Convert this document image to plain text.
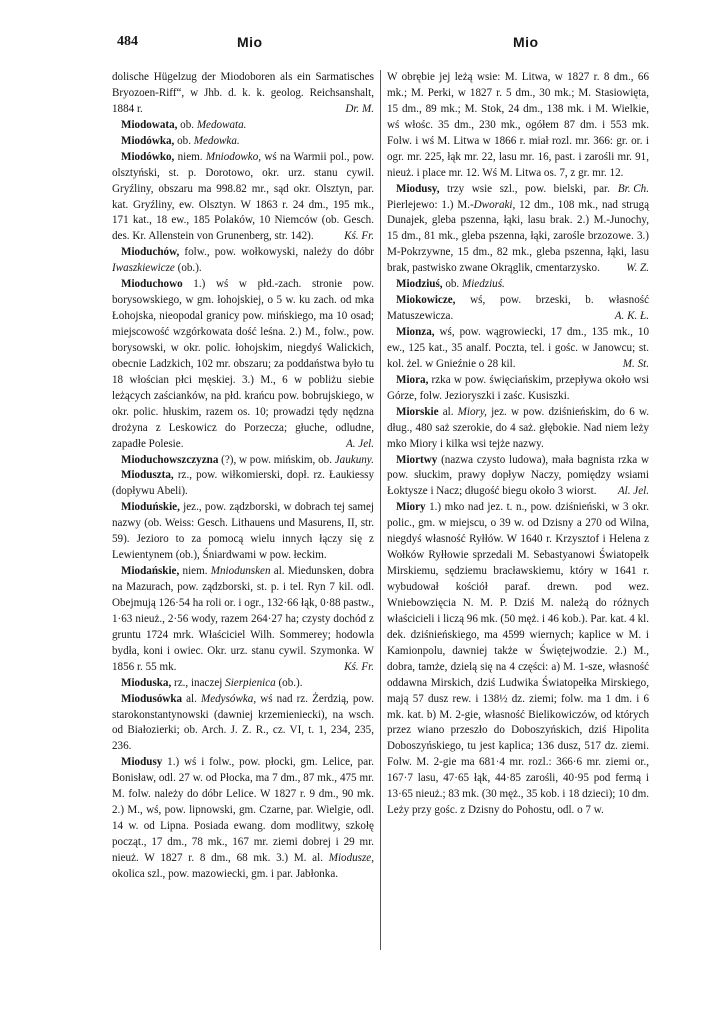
484	Mio	Mio

dolische Hügelzug der Miodoboren als ein Sarmatisches Bryozoen-Riff“, w Jhb. d. k. k. geolog. Reichsanshalt, 1884 r.	Dr. M.

Miodowata, ob. Medowata.

Miodówka, ob. Medowka.

Miodówko, niem. Mniodowko, wś na Warmii pol., pow. olsztyński, st. p. Dorotowo, okr. urz. stanu cywil. Gryźliny, obszaru ma 998.82 mr., sąd okr. Olsztyn, par. kat. Gryźliny, ew. Olsztyn. W 1863 r. 24 dm., 195 mk., 171 kat., 18 ew., 185 Polaków, 10 Niemców (ob. Gesch. des. Kr. Allenstein von Grunenberg, str. 142).	Kś. Fr.

Mioduchów, folw., pow. wołkowyski, należy do dóbr Iwaszkiewicze (ob.).

Mioduchowo 1.) wś w płd.-zach. stronie pow. borysowskiego, w gm. łohojskiej, o 5 w. ku zach. od mka Łohojska, nieopodal granicy pow. mińskiego, ma 10 osad; miejscowość wzgórkowata dość leśna. 2.) M., folw., pow. borysowski, w okr. polic. łohojskim, niegdyś Walickich, obecnie Ladzkich, 102 mr. obszaru; za poddaństwa było tu 18 włościan płci męskiej. 3.) M., 6 w pobliżu siebie leżących zaścianków, na płd. krańcu pow. bobrujskiego, w okr. polic. hłuskim, razem os. 10; prowadzi tędy nędzna drożyna z Leskowicz do Porzecza; głuche, odludne, zapadłe Polesie.	A. Jel.

Mioduchowszczyzna (?), w pow. mińskim, ob. Jaukuny.

Mioduszta, rz., pow. wiłkomierski, dopł. rz. Łaukiessy (dopływu Abeli).

Mioduńskie, jez., pow. ządzborski, w dobrach tej samej nazwy (ob. Weiss: Gesch. Lithauens und Masurens, II, str. 59). Jezioro to za pomocą wielu innych łączy się z Lewientynem (ob.), Śniardwami w pow. łeckim.

Miodańskie, niem. Mniodunsken al. Miedunsken, dobra na Mazurach, pow. ządzborski, st. p. i tel. Ryn 7 kil. odl. Obejmują 126·54 ha roli or. i ogr., 132·66 łąk, 0·88 pastw., 1·63 nieuż., 2·56 wody, razem 264·27 ha; czysty dochód z gruntu 1724 mrk. Właściciel Wilh. Sommerey; hodowla bydła, koni i owiec. Okr. urz. stanu cywil. Szymonka. W 1856 r. 55 mk.	Kś. Fr.

Mioduska, rz., inaczej Sierpienica (ob.).

Miodusówka al. Medysówka, wś nad rz. Żerdzią, pow. starokonstantynowski (dawniej krzemieniecki), na wsch. od Białozierki; ob. Arch. J. Z. R., cz. VI, t. 1, 234, 235, 236.

Miodusy 1.) wś i folw., pow. płocki, gm. Lelice, par. Bonisław, odl. 27 w. od Płocka, ma 7 dm., 87 mk., 475 mr. M. folw. należy do dóbr Lelice. W 1827 r. 9 dm., 90 mk. 2.) M., wś, pow. lipnowski, gm. Czarne, par. Wielgie, odl. 14 w. od Lipna. Posiada ewang. dom modlitwy, szkołę począt., 17 dm., 78 mk., 167 mr. ziemi dobrej i 29 mr. nieuż. W 1827 r. 8 dm., 68 mk. 3.) M. al. Miodusze, okolica szl., pow. mazowiecki, gm. i par. Jabłonka.

W obrębie jej leżą wsie: M. Litwa, w 1827 r. 8 dm., 66 mk.; M. Perki, w 1827 r. 5 dm., 30 mk.; M. Stasiowięta, 15 dm., 89 mk.; M. Stok, 24 dm., 138 mk. i M. Wielkie, wś włośc. 35 dm., 230 mk., ogółem 87 dm. i 553 mk. Folw. i wś M. Litwa w 1866 r. miał rozl. mr. 366: gr. or. i ogr. mr. 225, łąk mr. 22, lasu mr. 16, past. i zarośli mr. 91, nieuż. i place mr. 12. Wś M. Litwa os. 7, z gr. mr. 12.
Br. Ch.

Miodusy, trzy wsie szl., pow. bielski, par. Pierlejewo: 1.) M.-Dworaki, 12 dm., 108 mk., nad strugą Dunajek, gleba pszenna, łąki, lasu brak. 2.) M.-Junochy, 15 dm., 81 mk., gleba pszenna, łąki, zarośle brzozowe. 3.) M-Pokrzywne, 15 dm., 82 mk., gleba pszenna, łąki, lasu brak, pastwisko zwane Okrąglik, cmentarzysko.	W. Z.

Miodziuś, ob. Miedziuś.

Miokowicze, wś, pow. brzeski, b. własność Matuszewicza.	A. K. Ł.

Mionza, wś, pow. wągrowiecki, 17 dm., 135 mk., 10 ew., 125 kat., 35 analf. Poczta, tel. i gośc. w Janowcu; st. kol. żel. w Gnieźnie o 28 kil.	M. St.

Miora, rzka w pow. święciańskim, przepływa około wsi Górze, folw. Jezioryszki i zaśc. Kusiszki.

Miorskie al. Miory, jez. w pow. dziśnieńskim, do 6 w. dług., 480 saż szerokie, do 4 saż. głębokie. Nad niem leży mko Miory i kilka wsi tejże nazwy.

Miortwy (nazwa czysto ludowa), mała bagnista rzka w pow. słuckim, prawy dopływ Naczy, pomiędzy wsiami Łoktysze i Nacz; długość biegu około 3 wiorst.	Al. Jel.

Miory 1.) mko nad jez. t. n., pow. dziśnieński, w 3 okr. polic., gm. w miejscu, o 39 w. od Dzisny a 270 od Wilna, niegdyś własność Ryłłów. W 1640 r. Krzysztof i Helena z Wołków Ryłłowie sprzedali M. Sebastyanowi Światopełk Mirskiemu, sędziemu bracławskiemu, który w 1641 r. wybudował kościół paraf. drewn. pod wez. Wniebowzięcia N. M. P. Dziś M. należą do różnych właścicieli i liczą 96 mk. (50 męż. i 46 kob.). Par. kat. 4 kl. dek. dziśnieńskiego, ma 4599 wiernych; kaplice w M. i Kamionpolu, dawniej także w Świętejwodzie. 2.) M., dobra, tamże, dzielą się na 4 części: a) M. 1-sze, własność oddawna Mirskich, dziś Ludwika Światopełka Mirskiego, mają 57 dusz rew. i 138½ dz. ziemi; folw. ma 1 dm. i 6 mk. kat. b) M. 2-gie, własność Bielikowiczów, od których przez wiano przeszło do Doboszyńskich, dziś Hipolita Doboszyńskiego, tu jest kaplica; 136 dusz, 517 dz. ziemi. Folw. M. 2-gie ma 681·4 mr. rozl.: 366·6 mr. ziemi or., 167·7 lasu, 47·65 łąk, 44·85 zarośli, 40·95 pod fermą i 13·65 nieuż.; 83 mk. (30 męż., 35 kob. i 18 dzieci); 10 dm. Leży przy gośc. z Dzisny do Pohostu, odl. o 7 w.
